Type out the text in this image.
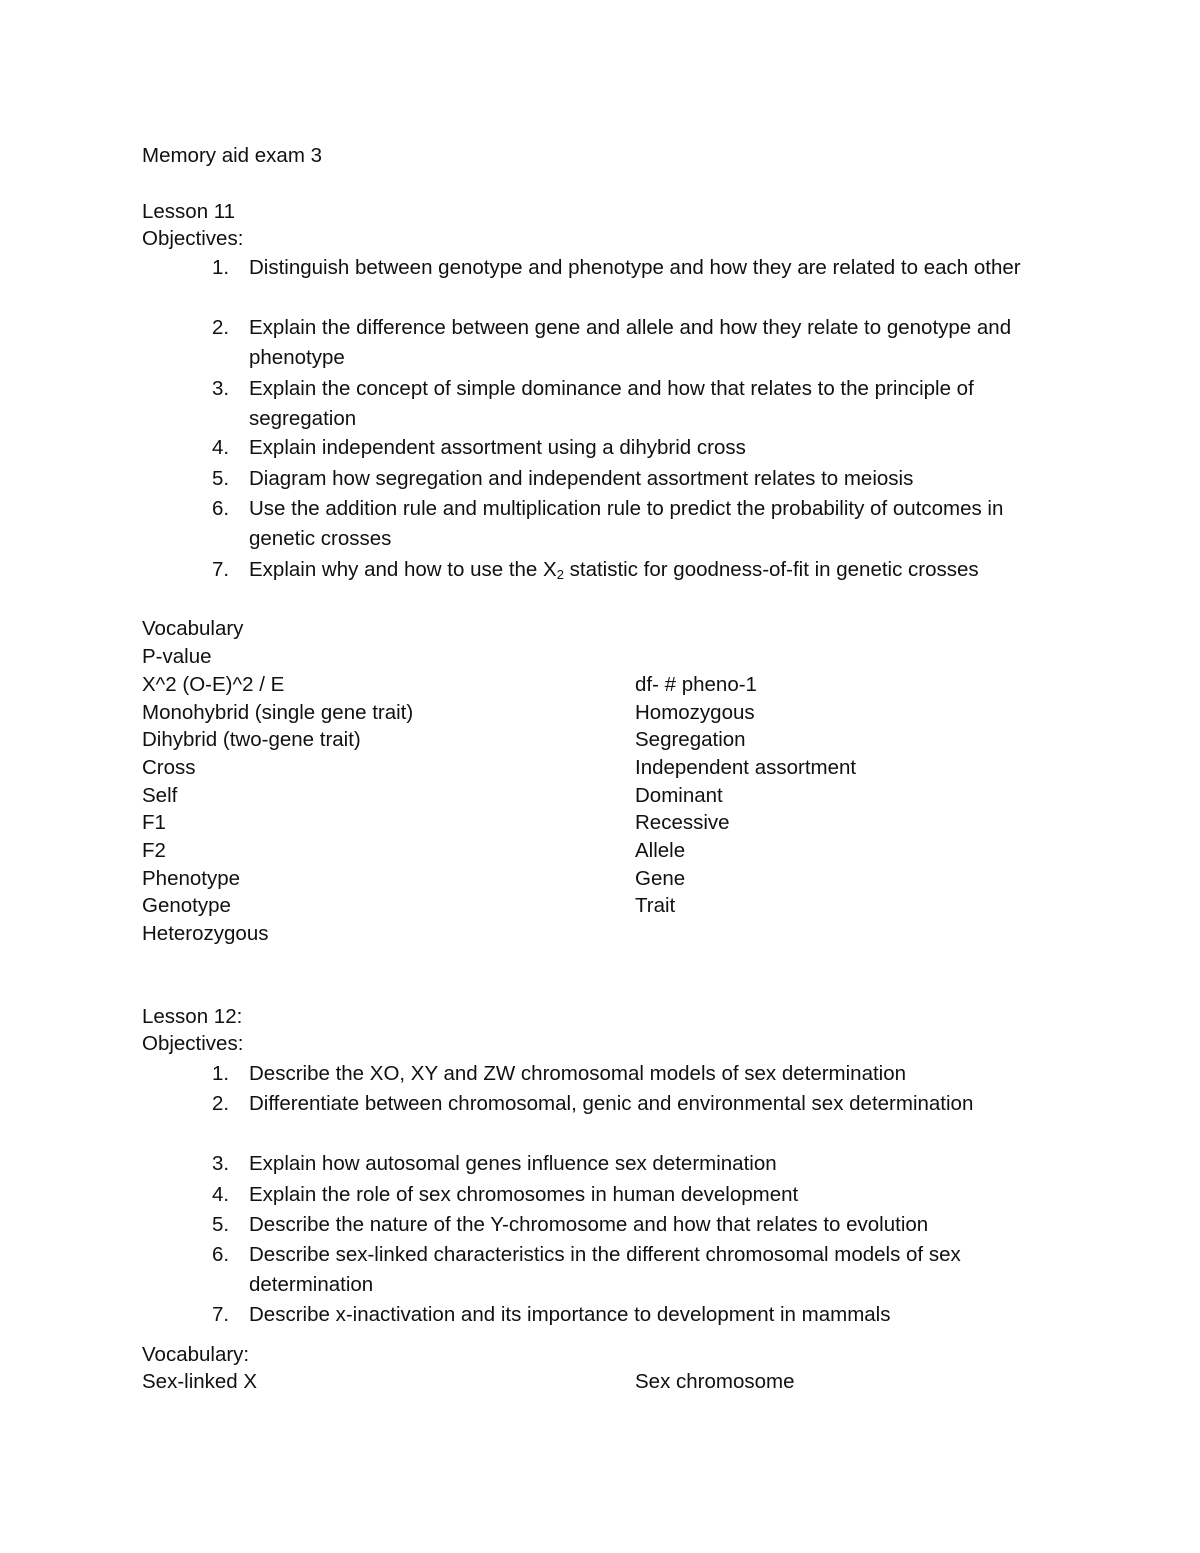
Memory aid exam 3
Lesson 11
Objectives:
1. Distinguish between genotype and phenotype and how they are related to each other
2. Explain the difference between gene and allele and how they relate to genotype and phenotype
3. Explain the concept of simple dominance and how that relates to the principle of segregation
4. Explain independent assortment using a dihybrid cross
5. Diagram how segregation and independent assortment relates to meiosis
6. Use the addition rule and multiplication rule to predict the probability of outcomes in genetic crosses
7. Explain why and how to use the $X_2$ statistic for goodness-of-fit in genetic crosses
Vocabulary
P-value
X^2 (O-E)^2 / E
Monohybrid (single gene trait)
Dihybrid (two-gene trait)
Cross
Self
F1
F2
Phenotype
Genotype
Heterozygous
df- # pheno-1
Homozygous
Segregation
Independent assortment
Dominant
Recessive
Allele
Gene
Trait
Lesson 12:
Objectives:
1. Describe the XO, XY and ZW chromosomal models of sex determination
2. Differentiate between chromosomal, genic and environmental sex determination
3. Explain how autosomal genes influence sex determination
4. Explain the role of sex chromosomes in human development
5. Describe the nature of the Y-chromosome and how that relates to evolution
6. Describe sex-linked characteristics in the different chromosomal models of sex determination
7. Describe x-inactivation and its importance to development in mammals
Vocabulary:
Sex-linked X	Sex chromosome
